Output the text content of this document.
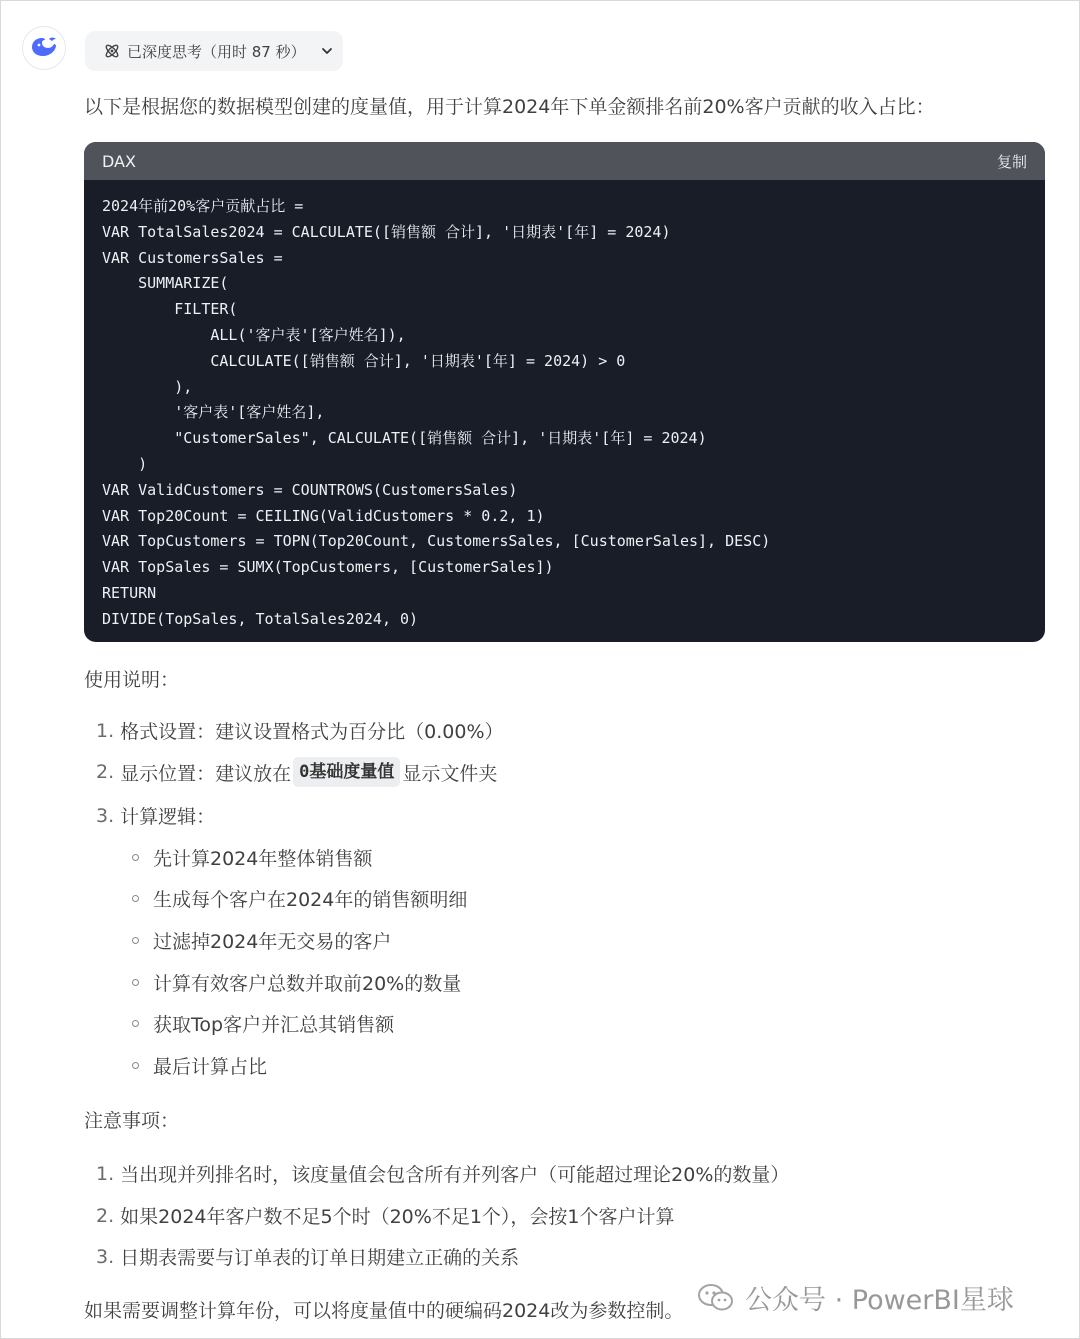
已深度思考（用时 87 秒）
以下是根据您的数据模型创建的度量值，用于计算2024年下单金额排名前20%客户贡献的收入占比：
DAX	复制
2024年前20%客户贡献占比 =
VAR TotalSales2024 = CALCULATE([销售额 合计], '日期表'[年] = 2024)
VAR CustomersSales =
SUMMARIZE(
FILTER(
ALL('客户表'[客户姓名]),
CALCULATE([销售额 合计], '日期表'[年] = 2024) > 0
),
'客户表'[客户姓名],
"CustomerSales", CALCULATE([销售额 合计], '日期表'[年] = 2024)
)
VAR ValidCustomers = COUNTROWS(CustomersSales)
VAR Top20Count = CEILING(ValidCustomers * 0.2, 1)
VAR TopCustomers = TOPN(Top20Count, CustomersSales, [CustomerSales], DESC)
VAR TopSales = SUMX(TopCustomers, [CustomerSales])
RETURN
DIVIDE(TopSales, TotalSales2024, 0)
使用说明：
1. 格式设置：建议设置格式为百分比（0.00%）
2. 显示位置：建议放在 0基础度量值 显示文件夹
3. 计算逻辑：
先计算2024年整体销售额
生成每个客户在2024年的销售额明细
过滤掉2024年无交易的客户
计算有效客户总数并取前20%的数量
获取Top客户并汇总其销售额
最后计算占比
注意事项：
1. 当出现并列排名时，该度量值会包含所有并列客户（可能超过理论20%的数量）
2. 如果2024年客户数不足5个时（20%不足1个），会按1个客户计算
3. 日期表需要与订单表的订单日期建立正确的关系
如果需要调整计算年份，可以将度量值中的硬编码2024改为参数控制。 公众号 · PowerBI星球
